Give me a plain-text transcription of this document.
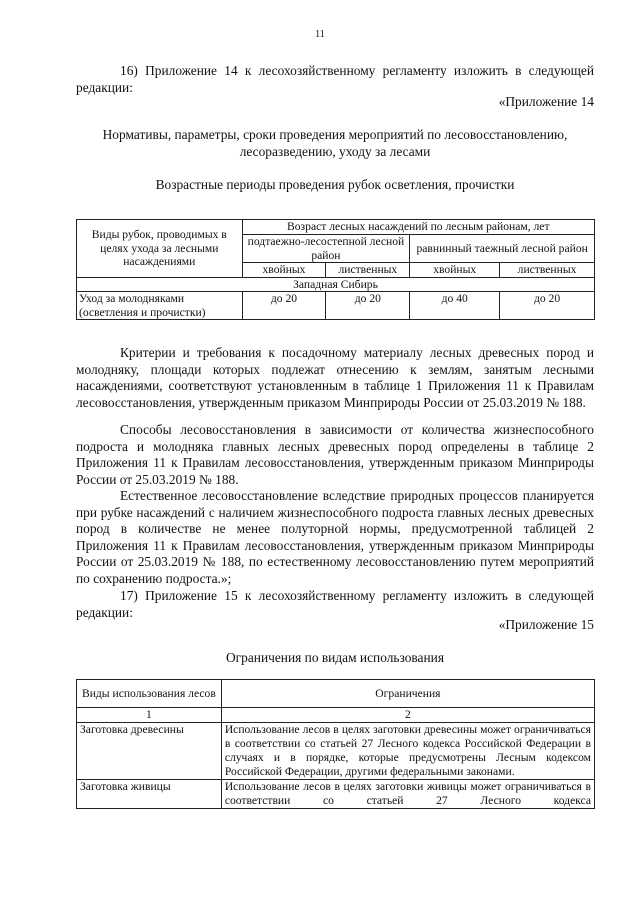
11
16) Приложение 14 к лесохозяйственному регламенту изложить в следующей редакции:
«Приложение 14
Нормативы, параметры, сроки проведения мероприятий по лесовосстановлению, лесоразведению, уходу за лесами
Возрастные периоды проведения рубок осветления, прочистки
Виды рубок, проводимых в целях ухода за лесными насаждениями	Возраст лесных насаждений по лесным районам, лет			
	подтаежно-лесостепной лесной район		равнинный таежный лесной район	

	хвойных	лиственных	хвойных	лиственных
Западная Сибирь				
Уход за молодняками (осветления и прочистки)	до 20	до 20	до 40	до 20
Критерии и требования к посадочному материалу лесных древесных пород и молодняку, площади которых подлежат отнесению к землям, занятым лесными насаждениями, соответствуют установленным в таблице 1 Приложения 11 к Правилам лесовосстановления, утвержденным приказом Минприроды России от 25.03.2019 № 188.
Способы лесовосстановления в зависимости от количества жизнеспособного подроста и молодняка главных лесных древесных пород определены в таблице 2 Приложения 11 к Правилам лесовосстановления, утвержденным приказом Минприроды России от 25.03.2019 № 188.
Естественное лесовосстановление вследствие природных процессов планируется при рубке насаждений с наличием жизнеспособного подроста главных лесных древесных пород в количестве не менее полуторной нормы, предусмотренной таблицей 2 Приложения 11 к Правилам лесовосстановления, утвержденным приказом Минприроды России от 25.03.2019 № 188, по естественному лесовосстановлению путем мероприятий по сохранению подроста.»;
17) Приложение 15 к лесохозяйственному регламенту изложить в следующей редакции:
«Приложение 15
Ограничения по видам использования
Виды использования лесов	Ограничения
1	2
Заготовка древесины	Использование лесов в целях заготовки древесины может ограничиваться в соответствии со статьей 27 Лесного кодекса Российской Федерации в случаях и в порядке, которые предусмотрены Лесным кодексом Российской Федерации, другими федеральными законами.
Заготовка живицы	Использование лесов в целях заготовки живицы может ограничиваться в соответствии со статьей 27 Лесного кодекса
